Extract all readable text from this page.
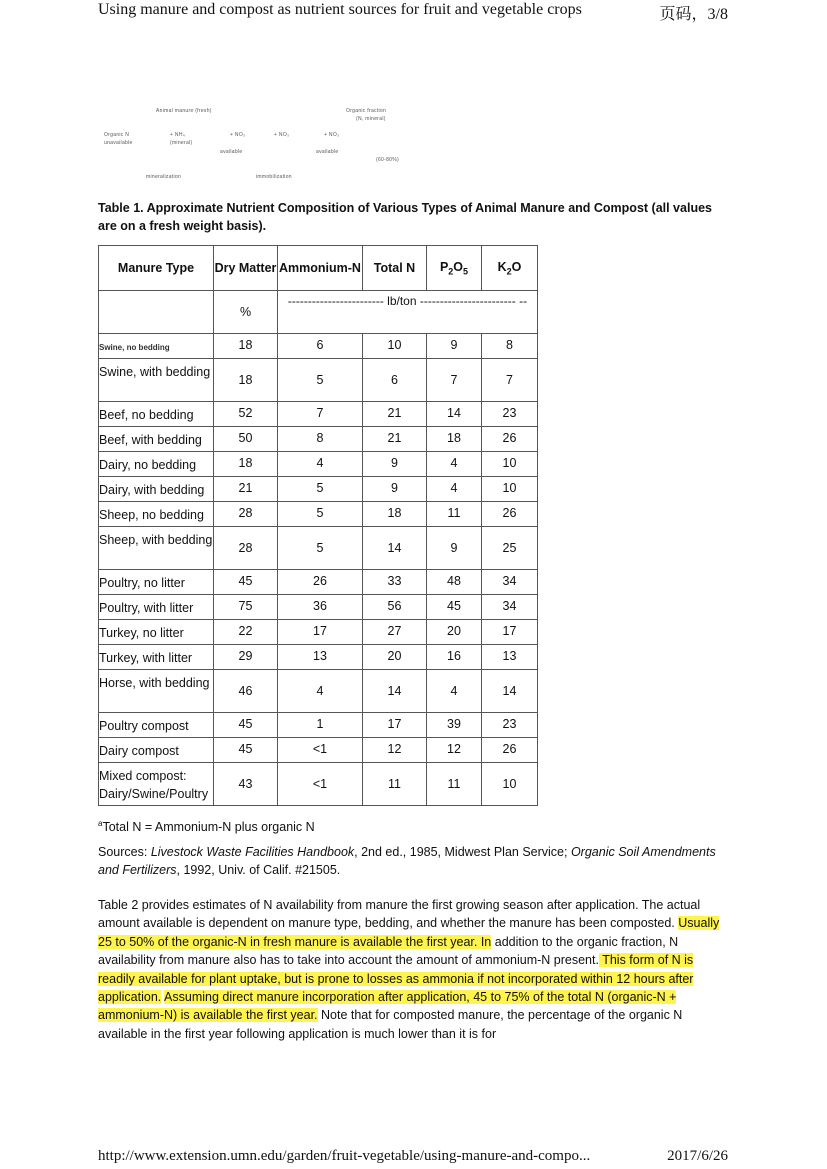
Using manure and compost as nutrient sources for fruit and vegetable crops	页码，3/8
Animal manure (fresh)	Organic fraction
(N, mineral)
Organic N	+ NH₄	+ NO₃	+ NO₃	+ NO₃
unavailable	(mineral)
available	available
(60-80%)
mineralization	immobilization
Table 1. Approximate Nutrient Composition of Various Types of Animal Manure and Compost (all values are on a fresh weight basis).
Manure Type	Dry Matter	Ammonium-N	Total N	$P_2O_5$	$K_2O$
	%	------------------------ lb/ton ------------------------ --			
Swine, no bedding	18	6	10	9	8
Swine, with bedding	18	5	6	7	7
Beef, no bedding	52	7	21	14	23
Beef, with bedding	50	8	21	18	26
Dairy, no bedding	18	4	9	4	10
Dairy, with bedding	21	5	9	4	10
Sheep, no bedding	28	5	18	11	26
Sheep, with bedding	28	5	14	9	25
Poultry, no litter	45	26	33	48	34
Poultry, with litter	75	36	56	45	34
Turkey, no litter	22	17	27	20	17
Turkey, with litter	29	13	20	16	13
Horse, with bedding	46	4	14	4	14
Poultry compost	45	1	17	39	23
Dairy compost	45	<1	12	12	26
Mixed compost: Dairy/Swine/Poultry	43	<1	11	11	10
$^a$Total N = Ammonium-N plus organic N
Sources: Livestock Waste Facilities Handbook, 2nd ed., 1985, Midwest Plan Service; Organic Soil Amendments and Fertilizers, 1992, Univ. of Calif. #21505.
Table 2 provides estimates of N availability from manure the first growing season after application. The actual amount available is dependent on manure type, bedding, and whether the manure has been composted. Usually 25 to 50% of the organic-N in fresh manure is available the first year. In addition to the organic fraction, N availability from manure also has to take into account the amount of ammonium-N present. This form of N is readily available for plant uptake, but is prone to losses as ammonia if not incorporated within 12 hours after application. Assuming direct manure incorporation after application, 45 to 75% of the total N (organic-N + ammonium-N) is available the first year. Note that for composted manure, the percentage of the organic N available in the first year following application is much lower than it is for
http://www.extension.umn.edu/garden/fruit-vegetable/using-manure-and-compo...	2017/6/26
